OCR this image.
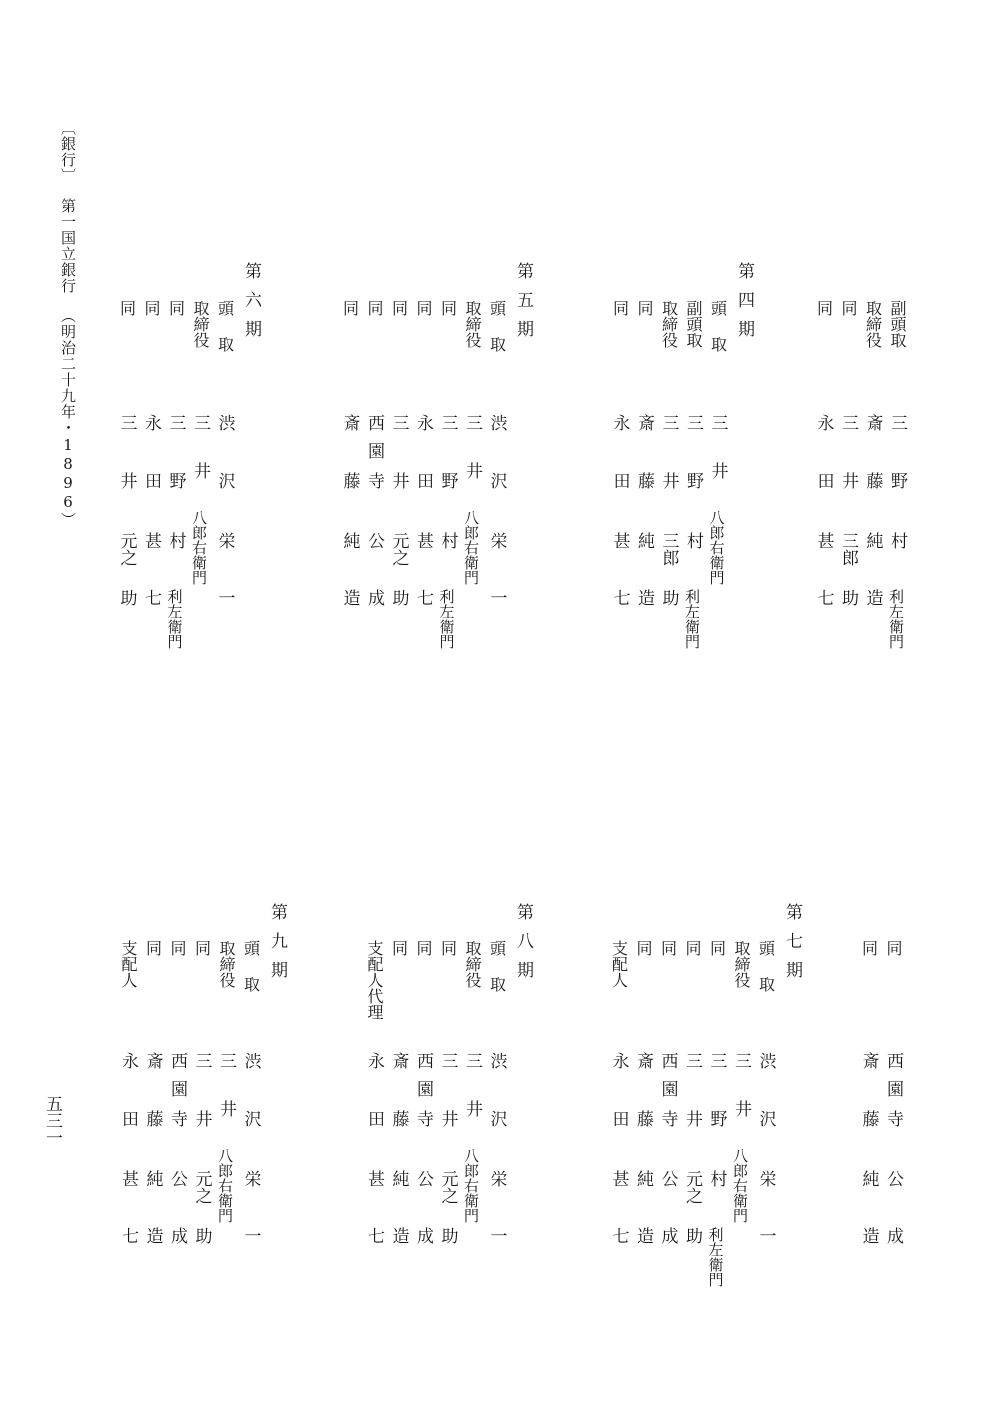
〔銀行〕第一国立銀行（明治二十九年・1896）
五三一
副頭取
三
野
村
利左衛門
取締役
斎
藤
純
造
同
三
井
三郎
助
同
永
田
甚
七
第四期
頭取
三
井
八郎右衛門
副頭取
三
野
村
利左衛門
取締役
三
井
三郎
助
同
斎
藤
純
造
同
永
田
甚
七
第五期
頭取
渋
沢
栄
一
取締役
三
井
八郎右衛門
同
三
野
村
利左衛門
同
永
田
甚
七
同
三
井
元之
助
同
西
園
寺
公
成
同
斎
藤
純
造
第六期
頭取
渋
沢
栄
一
取締役
三
井
八郎右衛門
同
三
野
村
利左衛門
同
永
田
甚
七
同
三
井
元之
助
同
西
園
寺
公
成
同
斎
藤
純
造
第七期
頭取
渋
沢
栄
一
取締役
三
井
八郎右衛門
同
三
野
村
利左衛門
同
三
井
元之
助
同
西
園
寺
公
成
同
斎
藤
純
造
支配人
永
田
甚
七
第八期
頭取
渋
沢
栄
一
取締役
三
井
八郎右衛門
同
三
井
元之
助
同
西
園
寺
公
成
同
斎
藤
純
造
支配人代理
永
田
甚
七
第九期
頭取
渋
沢
栄
一
取締役
三
井
八郎右衛門
同
三
井
元之
助
同
西
園
寺
公
成
同
斎
藤
純
造
支配人
永
田
甚
七
